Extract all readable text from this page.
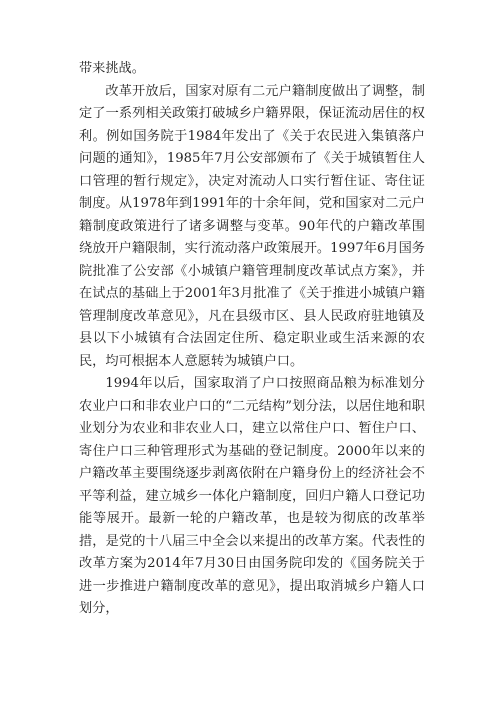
带来挑战。

改革开放后，国家对原有二元户籍制度做出了调整，制定了一系列相关政策打破城乡户籍界限，保证流动居住的权利。例如国务院于1984年发出了《关于农民进入集镇落户问题的通知》，1985年7月公安部颁布了《关于城镇暂住人口管理的暂行规定》，决定对流动人口实行暂住证、寄住证制度。从1978年到1991年的十余年间，党和国家对二元户籍制度政策进行了诸多调整与变革。90年代的户籍改革围绕放开户籍限制，实行流动落户政策展开。1997年6月国务院批准了公安部《小城镇户籍管理制度改革试点方案》，并在试点的基础上于2001年3月批准了《关于推进小城镇户籍管理制度改革意见》，凡在县级市区、县人民政府驻地镇及县以下小城镇有合法固定住所、稳定职业或生活来源的农民，均可根据本人意愿转为城镇户口。

1994年以后，国家取消了户口按照商品粮为标准划分农业户口和非农业户口的“二元结构”划分法，以居住地和职业划分为农业和非农业人口，建立以常住户口、暂住户口、寄住户口三种管理形式为基础的登记制度。2000年以来的户籍改革主要围绕逐步剥离依附在户籍身份上的经济社会不平等利益，建立城乡一体化户籍制度，回归户籍人口登记功能等展开。最新一轮的户籍改革，也是较为彻底的改革举措，是党的十八届三中全会以来提出的改革方案。代表性的改革方案为2014年7月30日由国务院印发的《国务院关于进一步推进户籍制度改革的意见》，提出取消城乡户籍人口划分，
